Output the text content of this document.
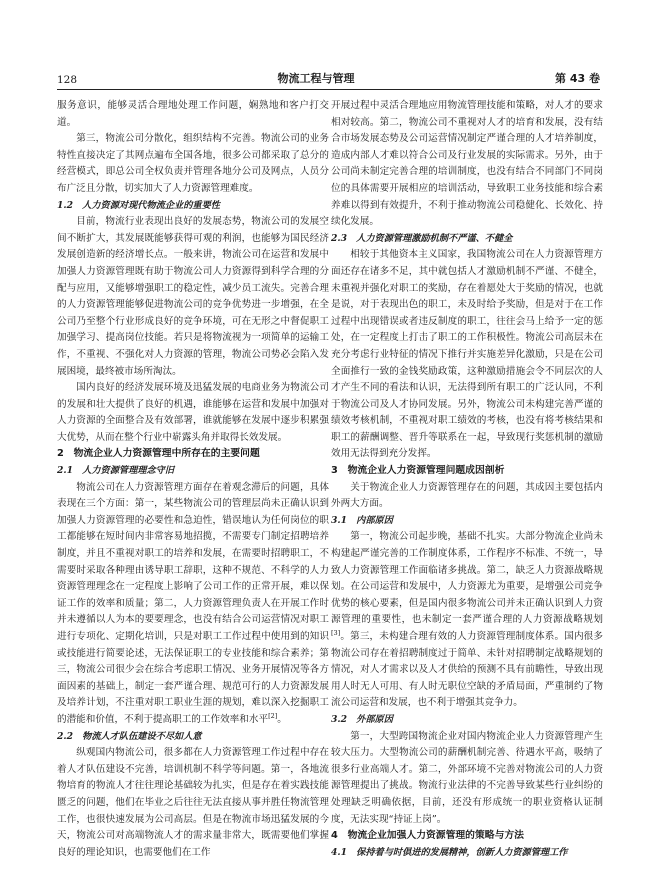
128	物流工程与管理	第 43 卷

服务意识，能够灵活合理地处理工作问题，娴熟地和客户打交道。

第三，物流公司分散化，组织结构不完善。物流公司的业务特性直接决定了其网点遍布全国各地，很多公司都采取了总分的经营模式，即总公司全权负责并管理各地分公司及网点，人员分布广泛且分散，切实加大了人力资源管理难度。

1.2　人力资源对现代物流企业的重要性

目前，物流行业表现出良好的发展态势，物流公司的发展空间不断扩大，其发展既能够获得可观的利润，也能够为国民经济发展创造新的经济增长点。一般来讲，物流公司在运营和发展中加强人力资源管理既有助于物流公司人力资源得到科学合理的分配与应用，又能够增强职工的稳定性，减少员工流失。完善合理的人力资源管理能够促进物流公司的竞争优势进一步增强，在全公司乃至整个行业形成良好的竞争环境，可在无形之中督促职工加强学习、提高岗位技能。若只是将物流视为一项简单的运输工作，不重视、不强化对人力资源的管理，物流公司势必会陷入发展困境，最终被市场所淘汰。

国内良好的经济发展环境及迅猛发展的电商业务为物流公司的发展和壮大提供了良好的机遇，谁能够在运营和发展中加强对人力资源的全面整合及有效部署，谁就能够在发展中逐步积累强大优势，从而在整个行业中崭露头角并取得长效发展。

2　物流企业人力资源管理中所存在的主要问题
2.1　人力资源管理理念守旧

物流公司在人力资源管理方面存在着观念滞后的问题，具体表现在三个方面：第一，某些物流公司的管理层尚未正确认识到加强人力资源管理的必要性和急迫性，错误地认为任何岗位的职工都能够在短时间内非常容易地招揽，不需要专门制定招聘培养制度，并且不重视对职工的培养和发展，在需要时招聘职工，不需要时采取各种理由诱导职工辞职，这种不规范、不科学的人力资源管理理念在一定程度上影响了公司工作的正常开展，难以保证工作的效率和质量；第二，人力资源管理负责人在开展工作时并未遵循以人为本的要要理念，也没有结合公司运营情况对职工进行专项化、定期化培训，只是对职工工作过程中使用到的知识或技能进行简要论述，无法保证职工的专业技能和综合素养；第三，物流公司很少会在综合考虑职工情况、业务开展情况等各方面因素的基础上，制定一套严谨合理、规范可行的人力资源发展及培养计划，不注重对职工职业生涯的规划，难以深入挖掘职工的潜能和价值，不利于提高职工的工作效率和水平[2]。

2.2　物流人才队伍建设不尽如人意

纵观国内物流公司，很多都在人力资源管理工作过程中存在着人才队伍建设不完善，培训机制不科学等问题。第一，各地流物培育的物流人才往往理论基础较为扎实，但是存在着实践技能匮乏的问题，他们在毕业之后往往无法直接从事并胜任物流管理工作，也很快速发展为公司高层。但是在物流市场迅猛发展的今天，物流公司对高端物流人才的需求量非常大，既需要他们掌握良好的理论知识，也需要他们在工作

开展过程中灵活合理地应用物流管理技能和策略，对人才的要求相对较高。第二，物流公司不重视对人才的培育和发展，没有结合市场发展态势及公司运营情况制定严谨合理的人才培养制度，造成内部人才难以符合公司及行业发展的实际需求。另外，由于公司尚未制定完善合理的培训制度，也没有结合不同部门不同岗位的具体需要开展相应的培训活动，导致职工业务技能和综合素养难以得到有效提升，不利于推动物流公司稳健化、长效化、持续化发展。

2.3　人力资源管理激励机制不严谨、不健全

相较于其他资本主义国家，我国物流公司在人力资源管理方面还存在诸多不足，其中就包括人才激励机制不严谨、不健全，未重视并强化对职工的奖励，存在着愿处大于奖励的情况，也就是说，对于表现出色的职工，未及时给予奖励，但是对于在工作过程中出现错误或者违反制度的职工，往往会马上给予一定的惩处，在一定程度上打击了职工的工作积极性。物流公司高层未在充分考虑行业特征的情况下推行并实施差异化激励，只是在公司全面推行一致的金钱奖励政策，这种激励措施会令不同层次的人才产生不同的看法和认识，无法得到所有职工的广泛认同，不利于物流公司及人才协同发展。另外，物流公司未构建完善严谨的绩效考核机制，不重视对职工绩效的考核，也没有将考核结果和职工的薪酬调整、晋升等联系在一起，导致现行奖惩机制的激励效用无法得到充分发挥。

3　物流企业人力资源管理问题成因剖析

关于物流企业人力资源管理存在的问题，其成因主要包括内外两大方面。

3.1　内部原因

第一，物流公司起步晚，基础不扎实。大部分物流企业尚未构建起严谨完善的工作制度体系，工作程序不标准、不统一，导致人力资源管理工作面临诸多挑战。第二，缺乏人力资源战略规划。在公司运营和发展中，人力资源尤为重要，是增强公司竞争优势的核心要素，但是国内很多物流公司并未正确认识到人力资源管理的重要性，也未制定一套严谨合理的人力资源战略规划[3]。第三，未构建合理有效的人力资源管理制度体系。国内很多物流公司存在着招聘制度过于简单、未针对招聘制定战略规划的情况，对人才需求以及人才供给的预测不具有前瞻性，导致出现用人时无人可用、有人时无职位空缺的矛盾局面，严重制约了物流公司运营和发展，也不利于增强其竞争力。

3.2　外部原因

第一，大型跨国物流企业对国内物流企业人力资源管理产生较大压力。大型物流公司的薪酬机制完善、待遇水平高，吸纳了很多行业高端人才。第二，外部环境不完善对物流公司的人力资源管理提出了挑战。物流行业法律的不完善导致某些行业纠纷的处理缺乏明确依据，目前，还没有形成统一的职业资格认证制度，无法实现“持证上岗”。

4　物流企业加强人力资源管理的策略与方法
4.1　保持着与时俱进的发展精神，创新人力资源管理工作
